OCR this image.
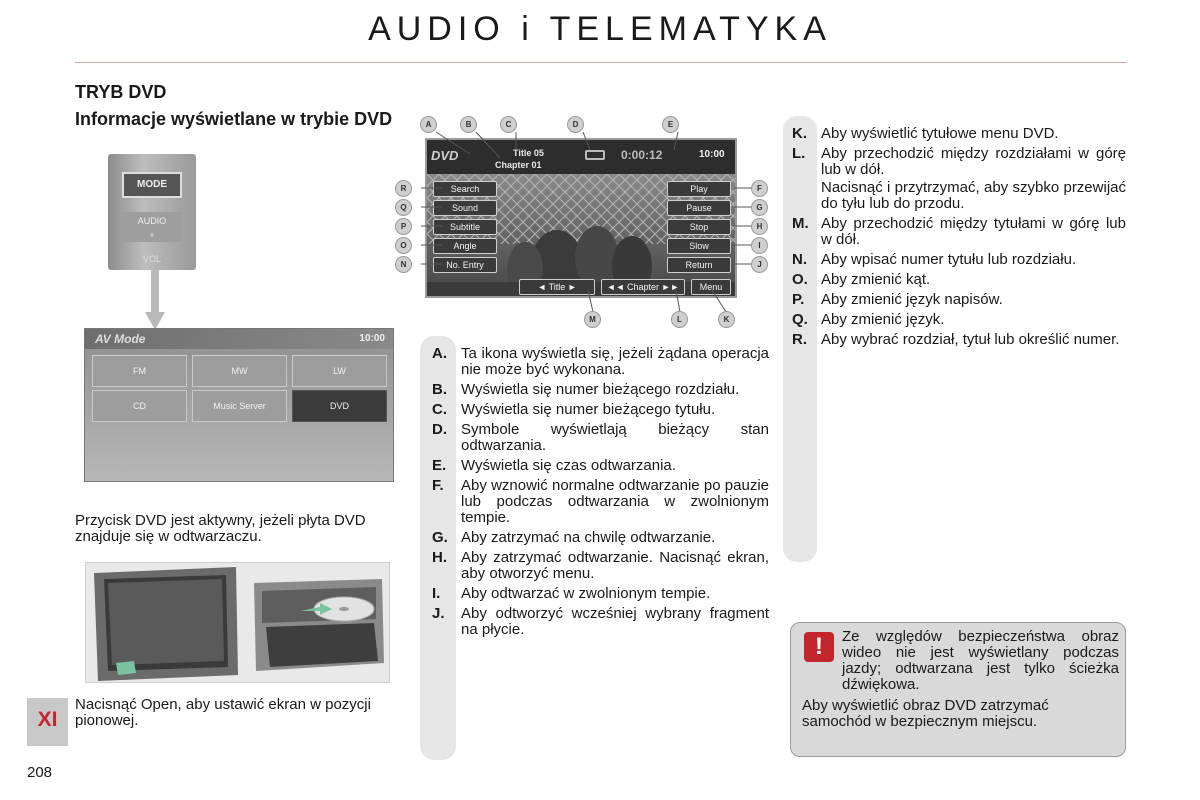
AUDIO i TELEMATYKA
TRYB DVD
Informacje wyświetlane w trybie DVD
MODE
AUDIO
+
VOL
AV Mode	10:00
FM	MW	LW
CD	Music Server	DVD
Przycisk DVD jest aktywny, jeżeli płyta DVD znajduje się w odtwarzaczu.
Nacisnąć Open, aby ustawić ekran w pozycji pionowej.
XI
208
DVD	Title 05
Chapter 01
0:00:12	10:00
Search
Sound
Subtitle
Angle
No. Entry
Play
Pause
Stop
Slow
Return
◄ Title ►	◄◄ Chapter ►►	Menu
A	B	C	D	E
R
Q
P
O
N
F
G
H
I
J
M	L	K
A. Ta ikona wyświetla się, jeżeli żądana operacja nie może być wykonana.
B. Wyświetla się numer bieżącego rozdziału.
C. Wyświetla się numer bieżącego tytułu.
D. Symbole wyświetlają bieżący stan odtwarzania.
E. Wyświetla się czas odtwarzania.
F.	Aby wznowić normalne odtwarzanie po pauzie lub podczas odtwarzania w zwolnionym tempie.
G. Aby zatrzymać na chwilę odtwarzanie.
H. Aby zatrzymać odtwarzanie. Nacisnąć ekran, aby otworzyć menu.
I.	Aby odtwarzać w zwolnionym tempie.
J.	Aby odtworzyć wcześniej wybrany fragment na płycie.
K. Aby wyświetlić tytułowe menu DVD.
L.	Aby przechodzić między rozdziałami w górę lub w dół.
Nacisnąć i przytrzymać, aby szybko przewijać do tyłu lub do przodu.
M. Aby przechodzić między tytułami w górę lub w dół.
N. Aby wpisać numer tytułu lub rozdziału.
O. Aby zmienić kąt.
P.	Aby zmienić język napisów.
Q. Aby zmienić język.
R. Aby wybrać rozdział, tytuł lub określić numer.
!	Ze względów bezpieczeństwa obraz wideo nie jest wyświetlany podczas jazdy; odtwarzana jest tylko ścieżka dźwiękowa.
Aby wyświetlić obraz DVD zatrzymać samochód w bezpiecznym miejscu.
